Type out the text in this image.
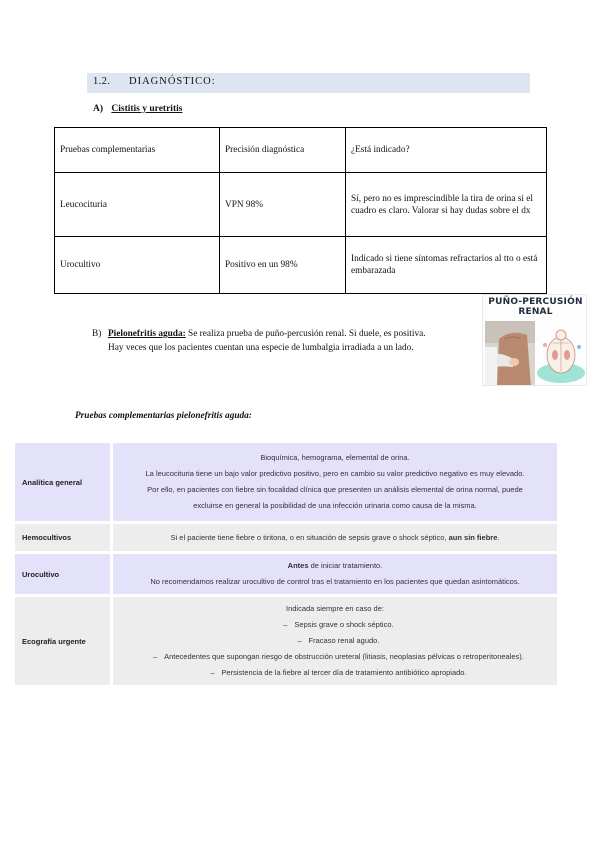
1.2. DIAGNÓSTICO:
A) Cistitis y uretritis
Pruebas complementarias	Precisión diagnóstica	¿Está indicado?
Leucocituria	VPN 98%	Sí, pero no es imprescindible la tira de orina si el cuadro es claro. Valorar si hay dudas sobre el dx
Urocultivo	Positivo en un 98%	Indicado si tiene síntomas refractarios al tto o está embarazada
B) Pielonefritis aguda: Se realiza prueba de puño-percusión renal. Si duele, es positiva.
Hay veces que los pacientes cuentan una especie de lumbalgia irradiada a un lado.
PUÑO-PERCUSIÓN
RENAL
Pruebas complementarias pielonefritis aguda:
Analítica general		Bioquímica, hemograma, elemental de orina.
La leucocituria tiene un bajo valor predictivo positivo, pero en cambio su valor predictivo negativo es muy elevado.
Por ello, en pacientes con fiebre sin focalidad clínica que presenten un análisis elemental de orina normal, puede
excluirse en general la posibilidad de una infección urinaria como causa de la misma.

Hemocultivos		Si el paciente tiene fiebre o tiritona, o en situación de sepsis grave o shock séptico, aun sin fiebre.
Urocultivo		Antes de iniciar tratamiento.
No recomendamos realizar urocultivo de control tras el tratamiento en los pacientes que quedan asintomáticos.

Ecografía urgente		Indicada siempre en caso de:
– Sepsis grave o shock séptico.
– Fracaso renal agudo.
– Antecedentes que supongan riesgo de obstrucción ureteral (litiasis, neoplasias pélvicas o retroperitoneales).
– Persistencia de la fiebre al tercer día de tratamiento antibiótico apropiado.
